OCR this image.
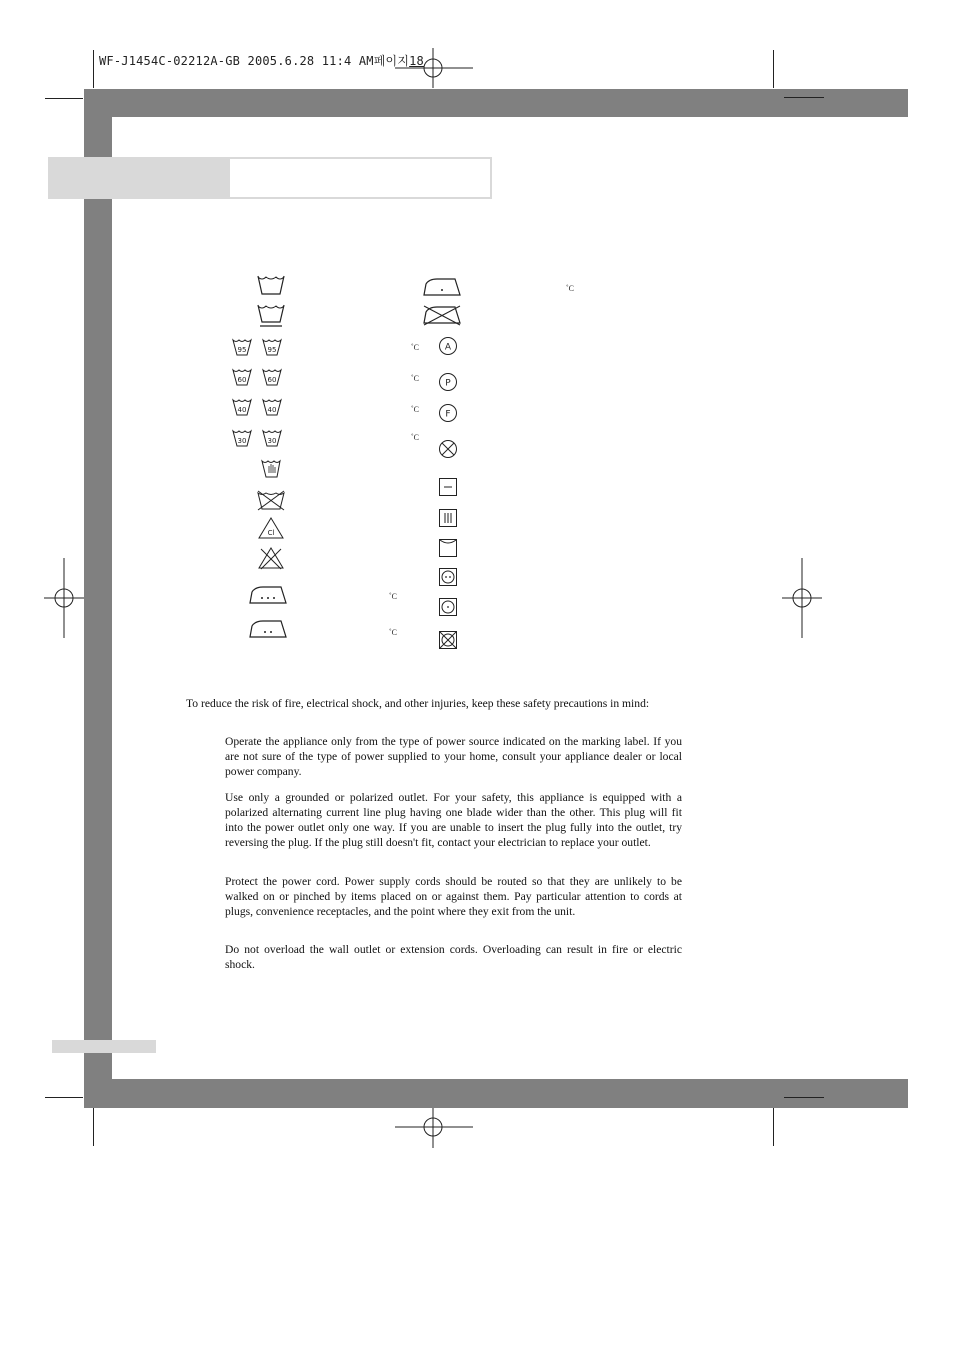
WF-J1454C-02212A-GB 2005.6.28 11:4 AM페이지18
95	95
60	60
40	40
30	30
Cl
A
P
F
˚C
˚C
˚C
˚C
˚C
˚C
˚C
To reduce the risk of fire, electrical shock, and other injuries, keep these safety precautions in mind:
Operate the appliance only from the type of power source indicated on the marking label. If you are not sure of the type of power supplied to your home, consult your appliance dealer or local power company.
Use only a grounded or polarized outlet. For your safety, this appliance is equipped with a polarized alternating current line plug having one blade wider than the other. This plug will fit into the power outlet only one way. If you are unable to insert the plug fully into the outlet, try reversing the plug. If the plug still doesn't fit, contact your electrician to replace your outlet.
Protect the power cord. Power supply cords should be routed so that they are unlikely to be walked on or pinched by items placed on or against them. Pay particular attention to cords at plugs, convenience receptacles, and the point where they exit from the unit.
Do not overload the wall outlet or extension cords. Overloading can result in fire or electric shock.
